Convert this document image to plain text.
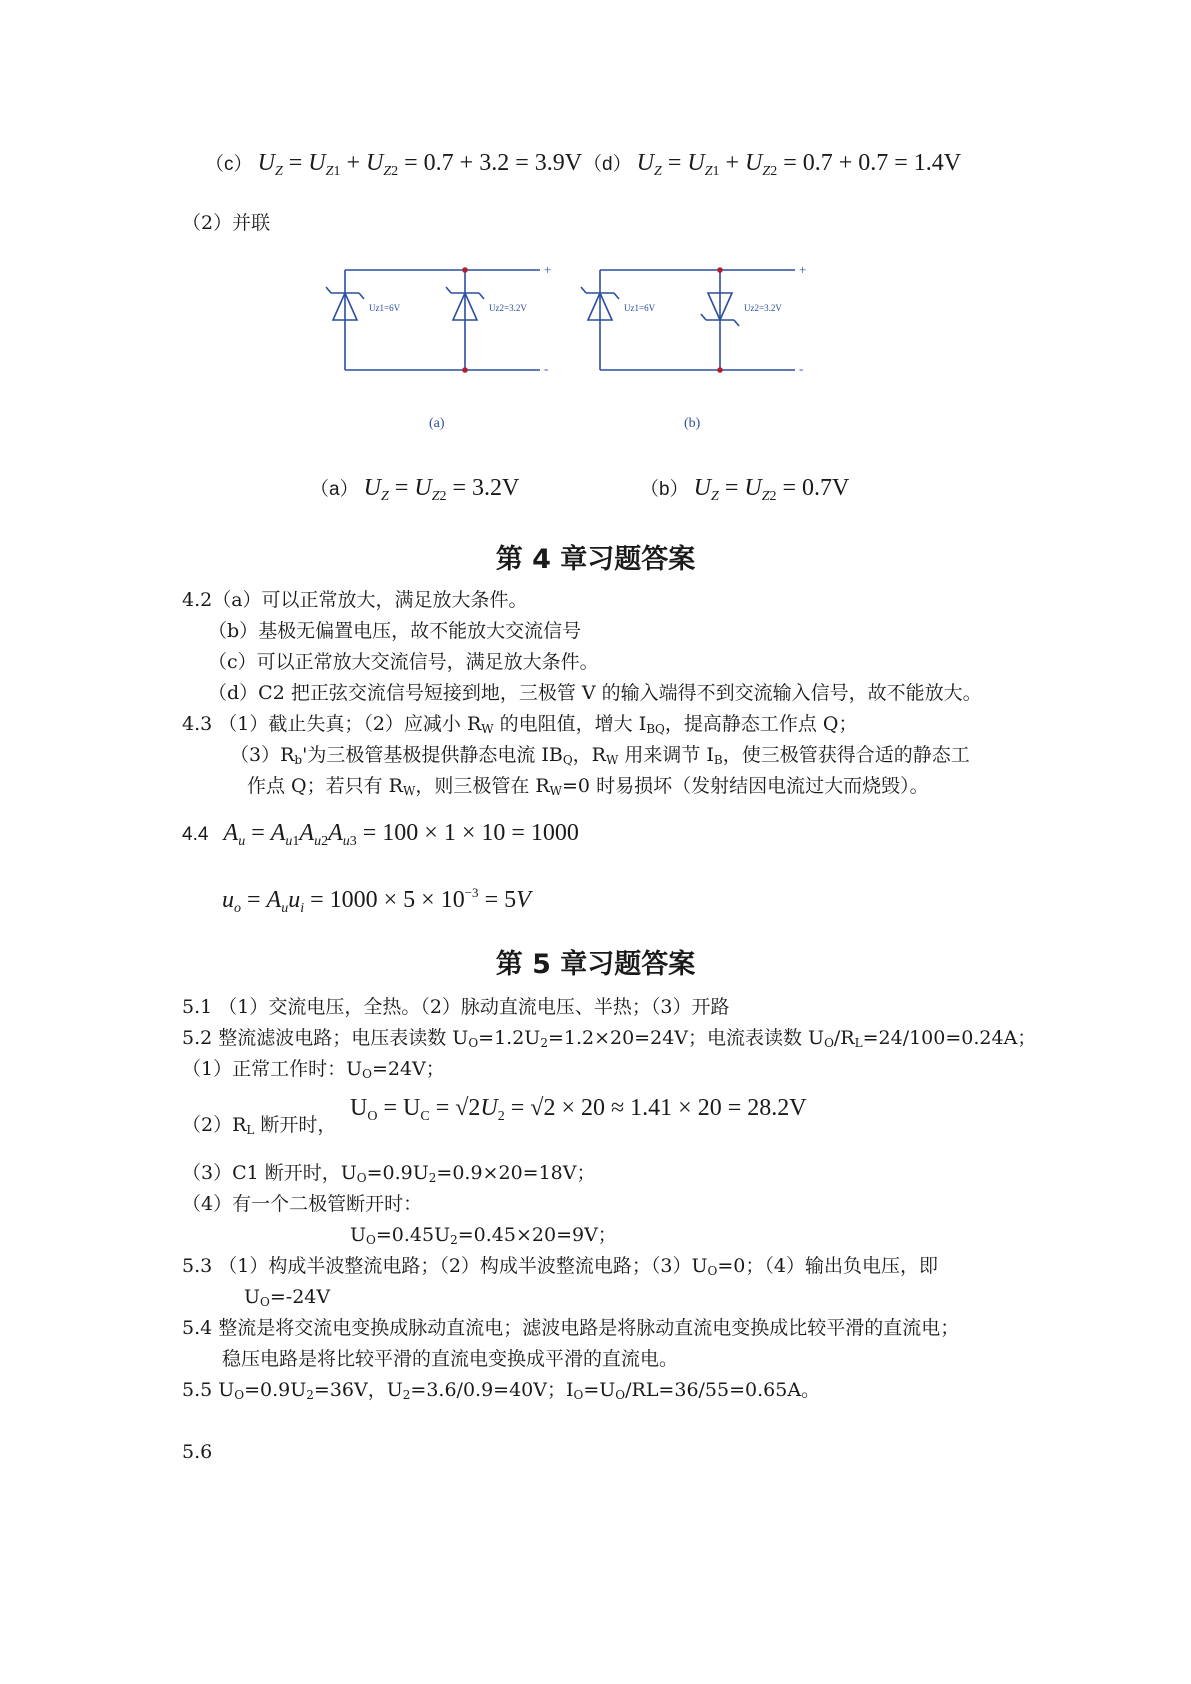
（c） $U_Z = U_{Z1} + U_{Z2} = 0.7 + 3.2 = 3.9V$ （d） $U_Z = U_{Z1} + U_{Z2} = 0.7 + 0.7 = 1.4V$
（2）并联
Uz1=6V	Uz2=3.2V	Uz1=6V	Uz2=3.2V
+
-
+
-
(a)	(b)
（a） $U_Z = U_{Z2} = 3.2V$	（b） $U_Z = U_{Z2} = 0.7V$
第 4 章习题答案
4.2（a）可以正常放大，满足放大条件。
（b）基极无偏置电压，故不能放大交流信号
（c）可以正常放大交流信号，满足放大条件。
（d）C2 把正弦交流信号短接到地，三极管 V 的输入端得不到交流输入信号，故不能放大。
4.3 （1）截止失真；（2）应减小 $R_W$ 的电阻值，增大 $I_{BQ}$，提高静态工作点 Q；
$(3)R_b'$为三极管基极提供静态电流 $IB_Q$，$R_W$ 用来调节 $I_B$，使三极管获得合适的静态工
作点 Q；若只有 $R_W$，则三极管在 $R_W=0$ 时易损坏（发射结因电流过大而烧毁）。
4.4 $A_u = A_{u1}A_{u2}A_{u3} = 100 \times 1 \times 10 = 1000$
$u_o = A_uu_i = 1000 \times 5 \times 10^{-3} = 5V$
第 5 章习题答案
5.1 （1）交流电压，全热。（2）脉动直流电压、半热；（3）开路
5.2 整流滤波电路；电压表读数 $U_O=1.2U_2=1.2\times 20=24V$；电流表读数 $U_O/R_L=24/100=0.24A$；
（1）正常工作时：$U_O=24V$；
$(2)R_L$ 断开时，
$U_O = U_C = √2U_2 = √2 \times 20 \approx 1.41 \times 20 = 28.2V$
（3）C1 断开时，$U_O=0.9U_2=0.9\times 20=18V$；
（4）有一个二极管断开时：
$U_O=0.45U_2=0.45\times 20=9V$；
5.3 （1）构成半波整流电路；（2）构成半波整流电路；$(3)U_O=0$；（4）输出负电压，即
$U_O=-24V$
5.4 整流是将交流电变换成脉动直流电；滤波电路是将脉动直流电变换成比较平滑的直流电；
稳压电路是将比较平滑的直流电变换成平滑的直流电。
5.5 $U_O=0.9U_2=36V$，$U_2=3.6/0.9=40V$；$I_O=U_O/RL=36/55=0.65A$。
5.6
